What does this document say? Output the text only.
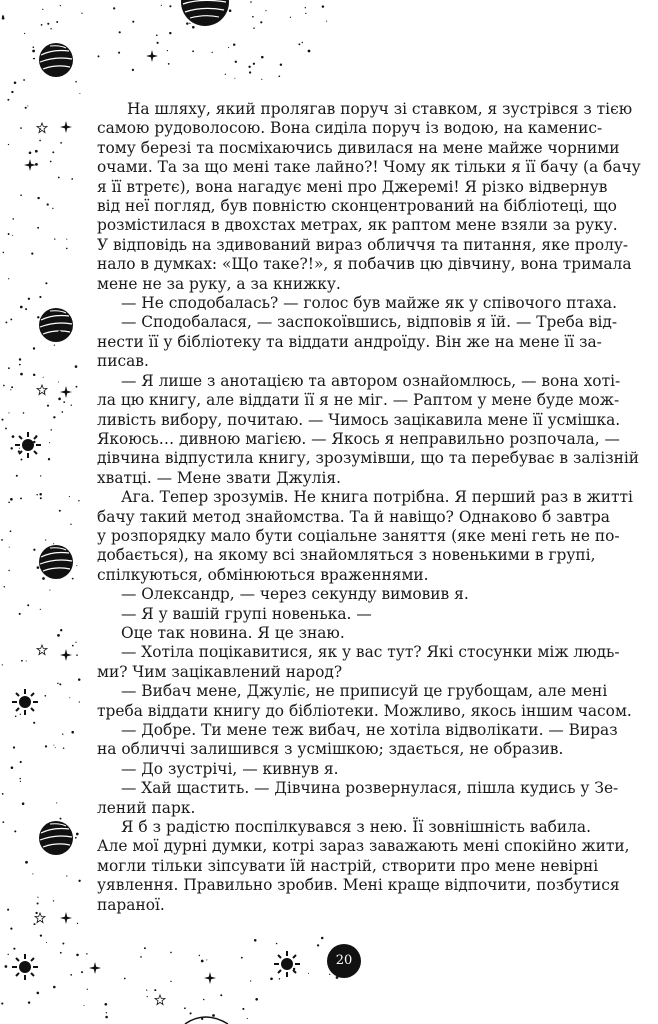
На шляху, який пролягав поруч зі ставком, я зустрівся з тією
самою рудоволосою. Вона сиділа поруч із водою, на каменис-
тому березі та посміхаючись дивилася на мене майже чорними
очами. Та за що мені таке лайно?! Чому як тільки я її бачу (а бачу
я її втретє), вона нагадує мені про Джеремі! Я різко відвернув
від неї погляд, був повністю сконцентрований на бібліотеці, що
розмістилася в двохстах метрах, як раптом мене взяли за руку.
У відповідь на здивований вираз обличчя та питання, яке пролу-
нало в думках: «Що таке?!», я побачив цю дівчину, вона тримала
мене не за руку, а за книжку.
— Не сподобалась? — голос був майже як у співочого птаха.
— Сподобалася, — заспокоївшись, відповів я їй. — Треба від-
нести її у бібліотеку та віддати андроїду. Він же на мене її за-
писав.
— Я лише з анотацією та автором ознайомлюсь, — вона хоті-
ла цю книгу, але віддати її я не міг. — Раптом у мене буде мож-
ливість вибору, почитаю. — Чимось зацікавила мене її усмішка.
Якоюсь… дивною магією. — Якось я неправильно розпочала, —
дівчина відпустила книгу, зрозумівши, що та перебуває в залізній
хватці. — Мене звати Джулія.
Ага. Тепер зрозумів. Не книга потрібна. Я перший раз в житті
бачу такий метод знайомства. Та й навіщо? Однаково б завтра
у розпорядку мало бути соціальне заняття (яке мені геть не по-
добається), на якому всі знайомляться з новенькими в групі,
спілкуються, обмінюються враженнями.
— Олександр, — через секунду вимовив я.
— Я у вашій групі новенька. —
Оце так новина. Я це знаю.
— Хотіла поцікавитися, як у вас тут? Які стосунки між людь-
ми? Чим зацікавлений народ?
— Вибач мене, Джуліє, не приписуй це грубощам, але мені
треба віддати книгу до бібліотеки. Можливо, якось іншим часом.
— Добре. Ти мене теж вибач, не хотіла відволікати. — Вираз
на обличчі залишився з усмішкою; здається, не образив.
— До зустрічі, — кивнув я.
— Хай щастить. — Дівчина розвернулася, пішла кудись у Зе-
лений парк.
Я б з радістю поспілкувався з нею. Її зовнішність вабила.
Але мої дурні думки, котрі зараз заважають мені спокійно жити,
могли тільки зіпсувати їй настрій, створити про мене невірні
уявлення. Правильно зробив. Мені краще відпочити, позбутися
параної.
20
